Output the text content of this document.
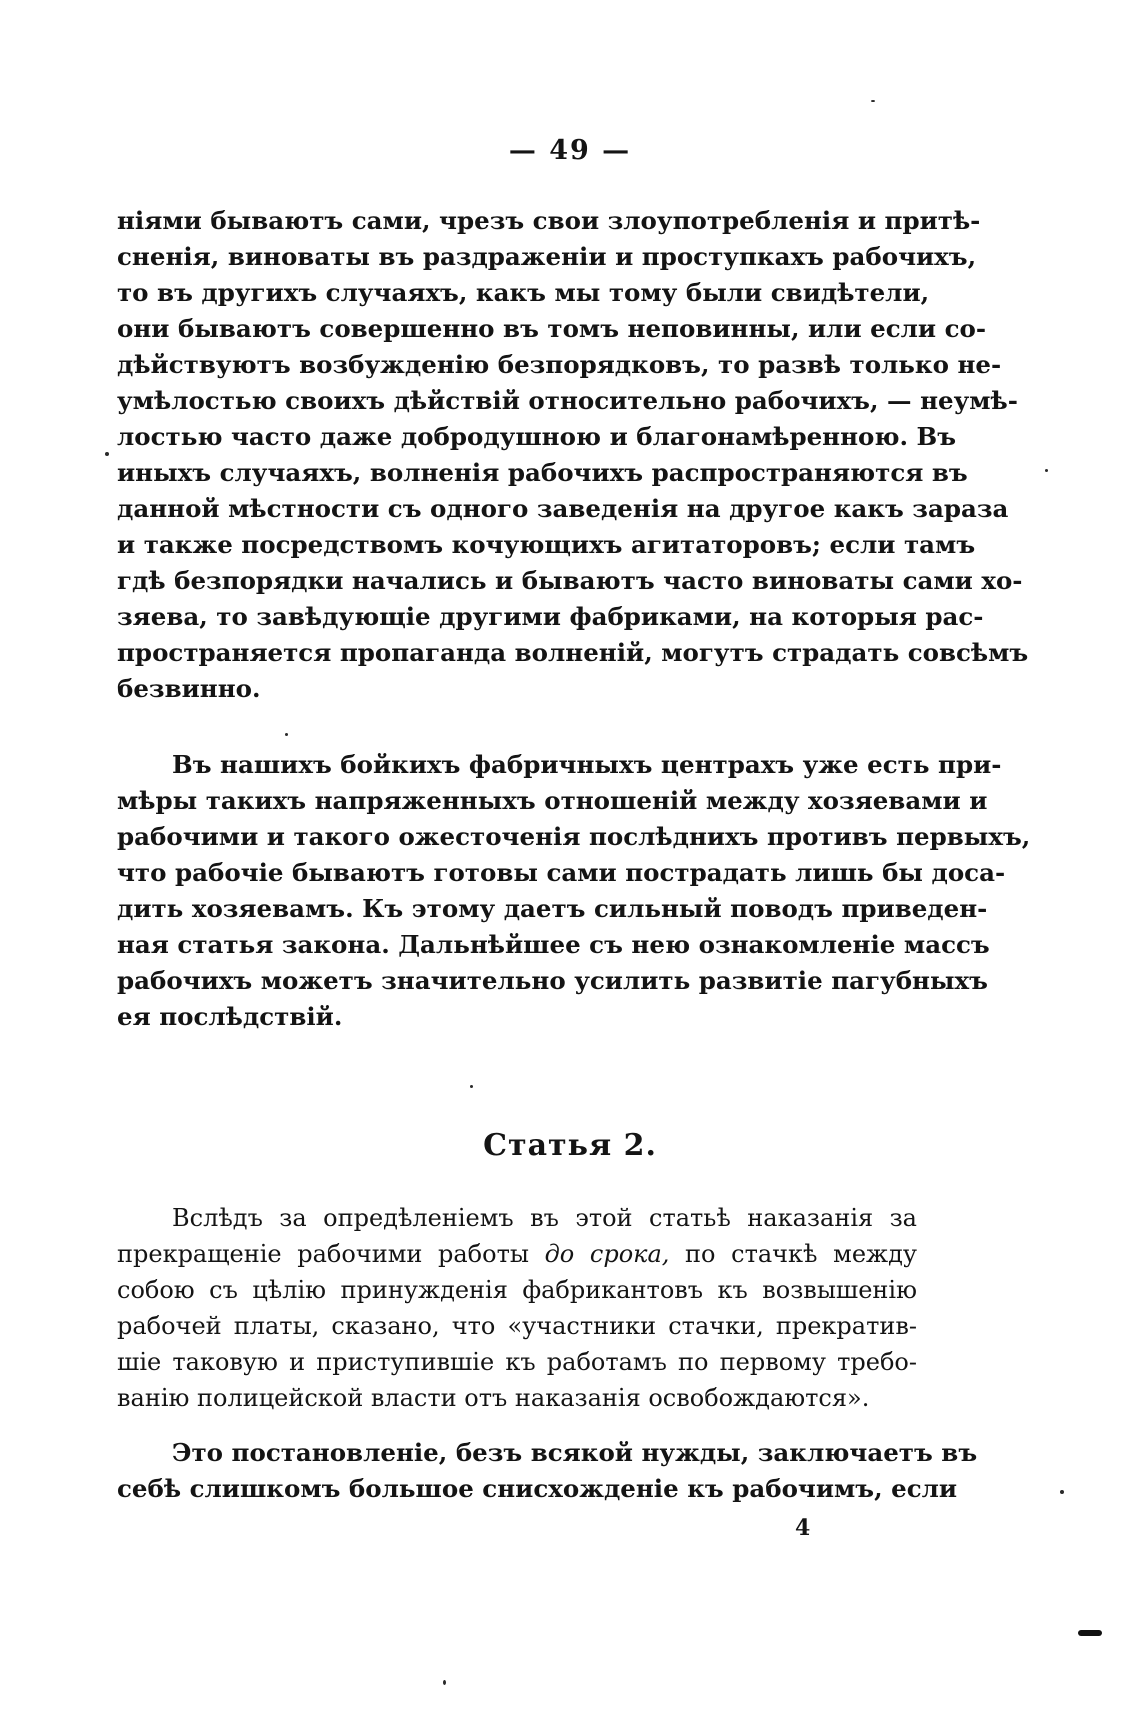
— 49 —
ніями бываютъ сами, чрезъ свои злоупотребленія и притѣ-
сненія, виноваты въ раздраженіи и проступкахъ рабочихъ,
то въ другихъ случаяхъ, какъ мы тому были свидѣтели,
они бываютъ совершенно въ томъ неповинны, или если со-
дѣйствуютъ возбужденію безпорядковъ, то развѣ только не-
умѣлостью своихъ дѣйствій относительно рабочихъ, — неумѣ-
лостью часто даже добродушною и благонамѣренною. Въ
иныхъ случаяхъ, волненія рабочихъ распространяются въ
данной мѣстности съ одного заведенія на другое какъ зараза
и также посредствомъ кочующихъ агитаторовъ; если тамъ
гдѣ безпорядки начались и бываютъ часто виноваты сами хо-
зяева, то завѣдующіе другими фабриками, на которыя рас-
пространяется пропаганда волненій, могутъ страдать совсѣмъ
безвинно.
Въ нашихъ бойкихъ фабричныхъ центрахъ уже есть при-
мѣры такихъ напряженныхъ отношеній между хозяевами и
рабочими и такого ожесточенія послѣднихъ противъ первыхъ,
что рабочіе бываютъ готовы сами пострадать лишь бы доса-
дить хозяевамъ. Къ этому даетъ сильный поводъ приведен-
ная статья закона. Дальнѣйшее съ нею ознакомленіе массъ
рабочихъ можетъ значительно усилить развитіе пагубныхъ
ея послѣдствій.
Статья 2.
Вслѣдъ за опредѣленіемъ въ этой статьѣ наказанія за
прекращеніе рабочими работы до срока, по стачкѣ между
собою съ цѣлію принужденія фабрикантовъ къ возвышенію
рабочей платы, сказано, что «участники стачки, прекратив-
шіе таковую и приступившіе къ работамъ по первому требо-
ванію полицейской власти отъ наказанія освобождаются».
Это постановленіе, безъ всякой нужды, заключаетъ въ
себѣ слишкомъ большое снисхожденіе къ рабочимъ, если
4
